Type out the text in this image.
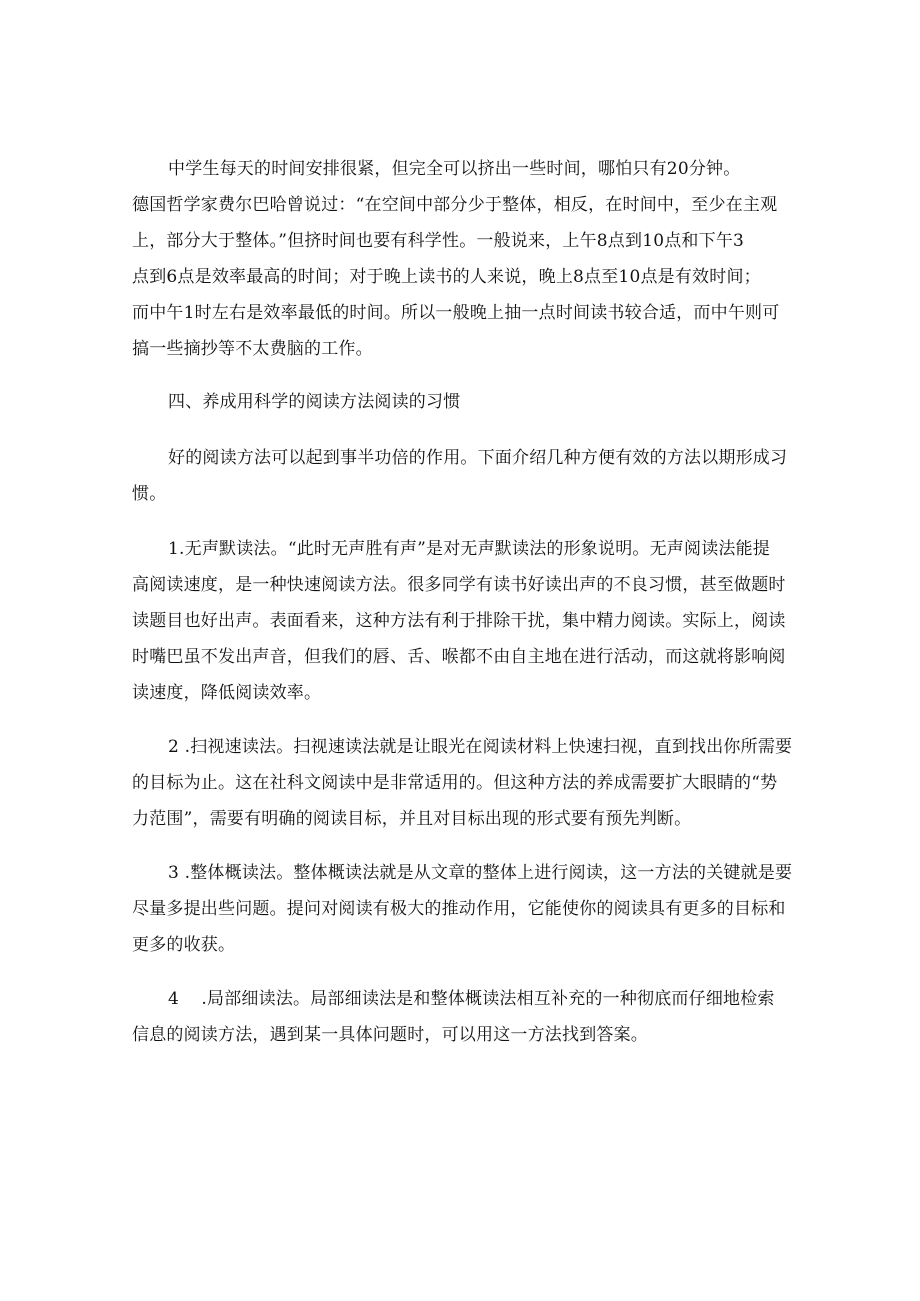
中学生每天的时间安排很紧，但完全可以挤出一些时间，哪怕只有20分钟。
德国哲学家费尔巴哈曾说过：“在空间中部分少于整体，相反，在时间中，至少在主观
上，部分大于整体。”但挤时间也要有科学性。一般说来，上午8点到10点和下午3
点到6点是效率最高的时间；对于晚上读书的人来说，晚上8点至10点是有效时间；
而中午1时左右是效率最低的时间。所以一般晚上抽一点时间读书较合适，而中午则可
搞一些摘抄等不太费脑的工作。
四、养成用科学的阅读方法阅读的习惯
好的阅读方法可以起到事半功倍的作用。下面介绍几种方便有效的方法以期形成习
惯。
1.无声默读法。“此时无声胜有声”是对无声默读法的形象说明。无声阅读法能提
高阅读速度，是一种快速阅读方法。很多同学有读书好读出声的不良习惯，甚至做题时
读题目也好出声。表面看来，这种方法有利于排除干扰，集中精力阅读。实际上，阅读
时嘴巴虽不发出声音，但我们的唇、舌、喉都不由自主地在进行活动，而这就将影响阅
读速度，降低阅读效率。
2 .扫视速读法。扫视速读法就是让眼光在阅读材料上快速扫视，直到找出你所需要
的目标为止。这在社科文阅读中是非常适用的。但这种方法的养成需要扩大眼睛的“势
力范围”，需要有明确的阅读目标，并且对目标出现的形式要有预先判断。
3 .整体概读法。整体概读法就是从文章的整体上进行阅读，这一方法的关键就是要
尽量多提出些问题。提问对阅读有极大的推动作用，它能使你的阅读具有更多的目标和
更多的收获。
4    .局部细读法。局部细读法是和整体概读法相互补充的一种彻底而仔细地检索
信息的阅读方法，遇到某一具体问题时，可以用这一方法找到答案。
